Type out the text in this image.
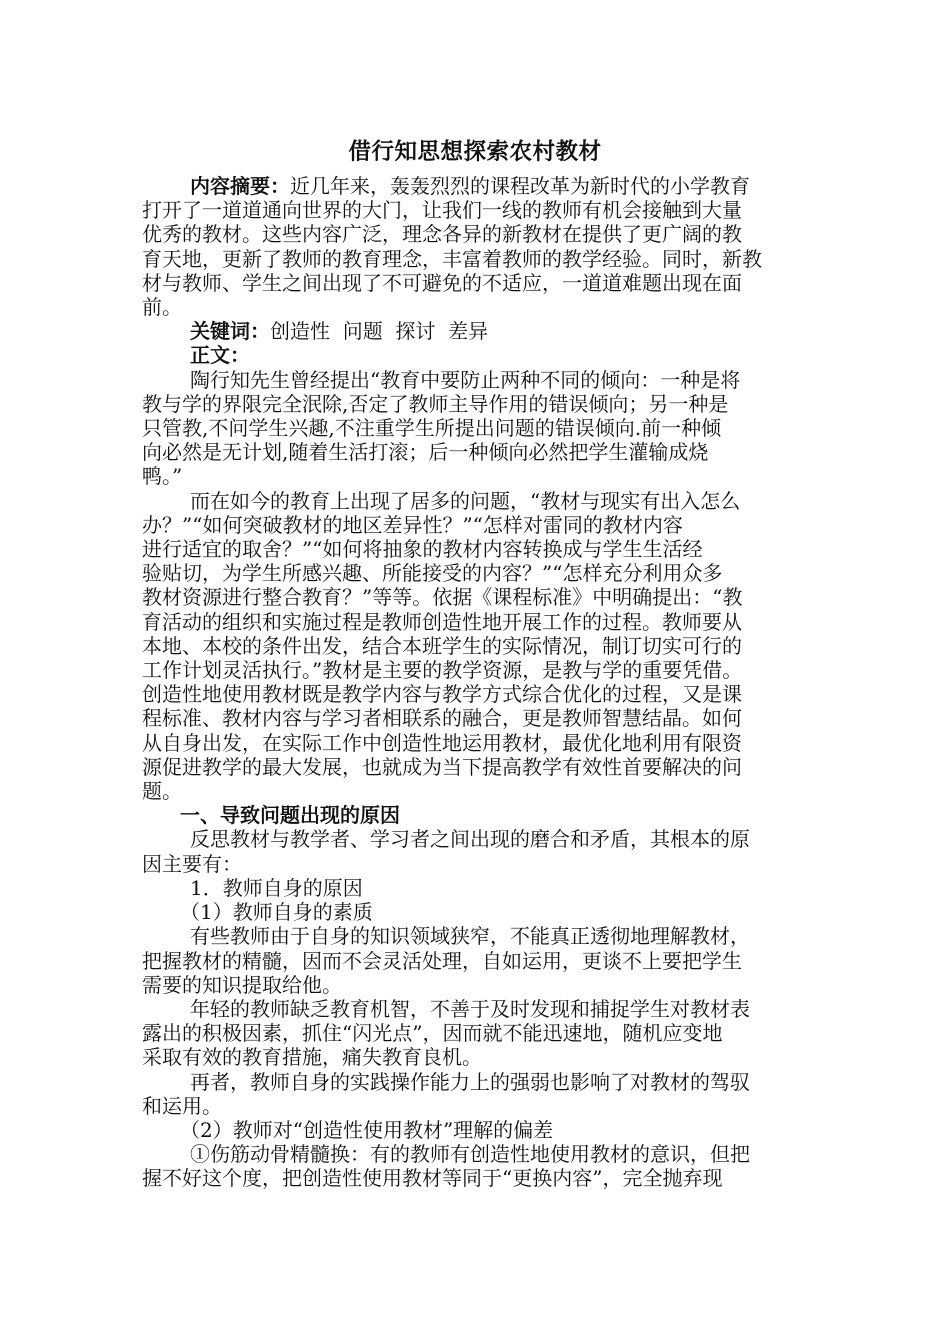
借行知思想探索农村教材

内容摘要：近几年来，轰轰烈烈的课程改革为新时代的小学教育

打开了一道道通向世界的大门，让我们一线的教师有机会接触到大量

优秀的教材。这些内容广泛，理念各异的新教材在提供了更广阔的教

育天地，更新了教师的教育理念，丰富着教师的教学经验。同时，新教

材与教师、学生之间出现了不可避免的不适应，一道道难题出现在面

前。

关键词：创造性  问题  探讨  差异

正文：

陶行知先生曾经提出“教育中要防止两种不同的倾向：一种是将

教与学的界限完全泯除,否定了教师主导作用的错误倾向；另一种是

只管教,不问学生兴趣,不注重学生所提出问题的错误倾向.前一种倾

向必然是无计划,随着生活打滚；后一种倾向必然把学生灌输成烧

鸭。”

而在如今的教育上出现了居多的问题，“教材与现实有出入怎么

办？”“如何突破教材的地区差异性？”“怎样对雷同的教材内容

进行适宜的取舍？”“如何将抽象的教材内容转换成与学生生活经

验贴切，为学生所感兴趣、所能接受的内容？”“怎样充分利用众多

教材资源进行整合教育？”等等。依据《课程标准》中明确提出：“教

育活动的组织和实施过程是教师创造性地开展工作的过程。教师要从

本地、本校的条件出发，结合本班学生的实际情况，制订切实可行的

工作计划灵活执行。”教材是主要的教学资源，是教与学的重要凭借。

创造性地使用教材既是教学内容与教学方式综合优化的过程，又是课

程标准、教材内容与学习者相联系的融合，更是教师智慧结晶。如何

从自身出发，在实际工作中创造性地运用教材，最优化地利用有限资

源促进教学的最大发展，也就成为当下提高教学有效性首要解决的问

题。

一、导致问题出现的原因

反思教材与教学者、学习者之间出现的磨合和矛盾，其根本的原

因主要有：

1．教师自身的原因

（1）教师自身的素质

有些教师由于自身的知识领域狭窄，不能真正透彻地理解教材，

把握教材的精髓，因而不会灵活处理，自如运用，更谈不上要把学生

需要的知识提取给他。

年轻的教师缺乏教育机智，不善于及时发现和捕捉学生对教材表

露出的积极因素，抓住“闪光点”，因而就不能迅速地，随机应变地

采取有效的教育措施，痛失教育良机。

再者，教师自身的实践操作能力上的强弱也影响了对教材的驾驭

和运用。

（2）教师对“创造性使用教材”理解的偏差

①伤筋动骨精髓换：有的教师有创造性地使用教材的意识，但把

握不好这个度，把创造性使用教材等同于“更换内容”，完全抛弃现
